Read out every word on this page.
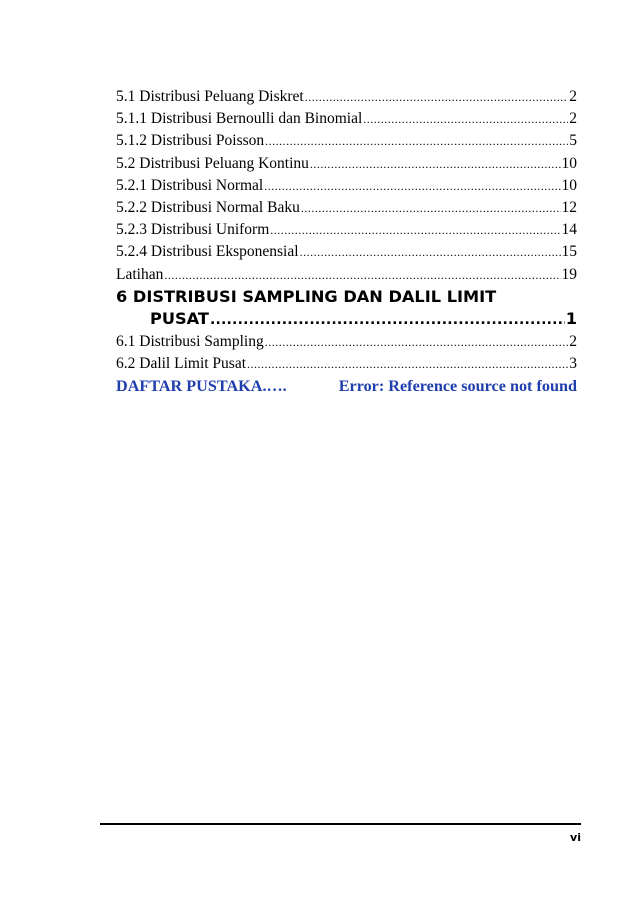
5.1 Distribusi Peluang Diskret .....	2
5.1.1 Distribusi Bernoulli dan Binomial .....	2
5.1.2 Distribusi Poisson .....	5
5.2 Distribusi Peluang Kontinu .....	10
5.2.1 Distribusi Normal .....	10
5.2.2 Distribusi Normal Baku .....	12
5.2.3 Distribusi Uniform .....	14
5.2.4 Distribusi Eksponensial .....	15
Latihan .....	19
6 DISTRIBUSI SAMPLING DAN DALIL LIMIT
PUSAT .....	1
6.1 Distribusi Sampling .....	2
6.2 Dalil Limit Pusat .....	3
DAFTAR PUSTAKA.….	Error: Reference source not found
vi
